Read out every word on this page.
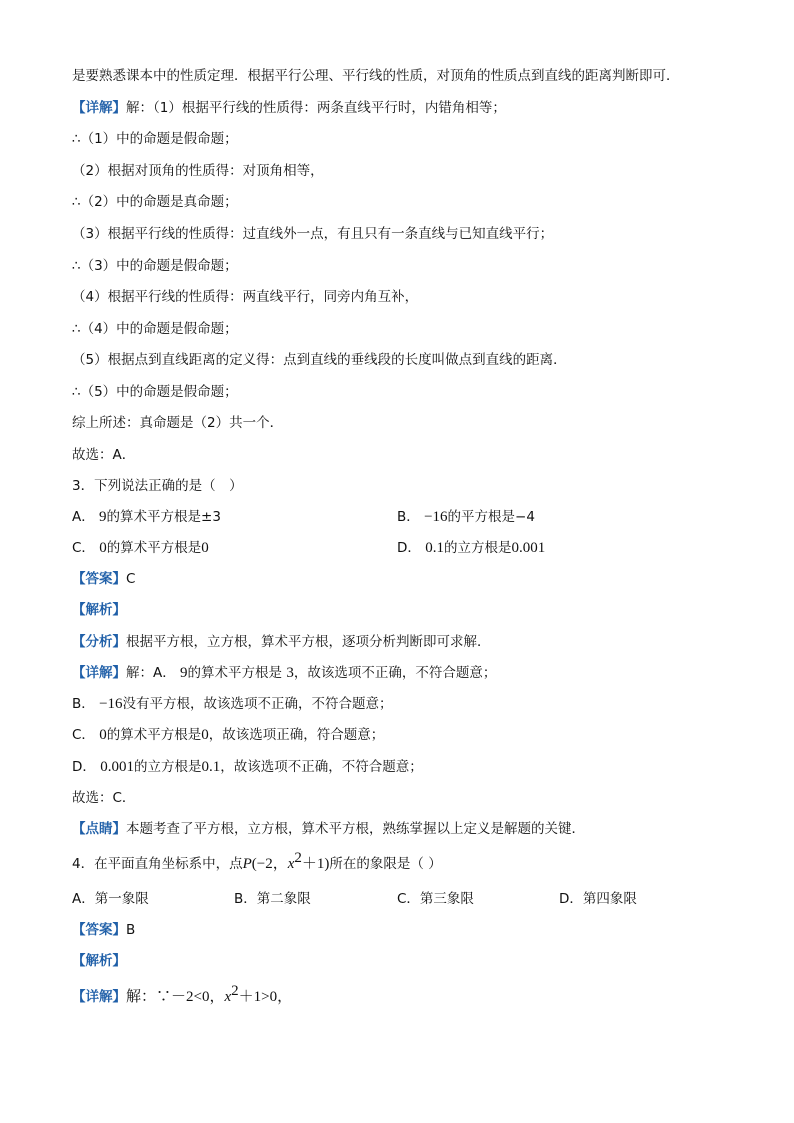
是要熟悉课本中的性质定理．根据平行公理、平行线的性质，对顶角的性质点到直线的距离判断即可．
【详解】解：（1）根据平行线的性质得：两条直线平行时，内错角相等；
∴（1）中的命题是假命题；
（2）根据对顶角的性质得：对顶角相等，
∴（2）中的命题是真命题；
（3）根据平行线的性质得：过直线外一点，有且只有一条直线与已知直线平行；
∴（3）中的命题是假命题；
（4）根据平行线的性质得：两直线平行，同旁内角互补，
∴（4）中的命题是假命题；
（5）根据点到直线距离的定义得：点到直线的垂线段的长度叫做点到直线的距离．
∴（5）中的命题是假命题；
综上所述：真命题是（2）共一个．
故选：A．
3．下列说法正确的是（　）
A． 9的算术平方根是±3	B． −16的平方根是−4
C． 0的算术平方根是0	D． 0.1的立方根是0.001
【答案】C
【解析】
【分析】根据平方根，立方根，算术平方根，逐项分析判断即可求解．
【详解】解：A． 9的算术平方根是 3，故该选项不正确，不符合题意；
B． −16没有平方根，故该选项不正确，不符合题意；
C． 0的算术平方根是0，故该选项正确，符合题意；
D． 0.001的立方根是0.1，故该选项不正确，不符合题意；
故选：C．
【点睛】本题考查了平方根，立方根，算术平方根，熟练掌握以上定义是解题的关键．
4．在平面直角坐标系中，点P(−2，$x^2+1$)所在的象限是（ ）
A．第一象限	B．第二象限	C．第三象限	D．第四象限
【答案】B
【解析】
【详解】解：∵－2<0，$x^2+1>0$，
